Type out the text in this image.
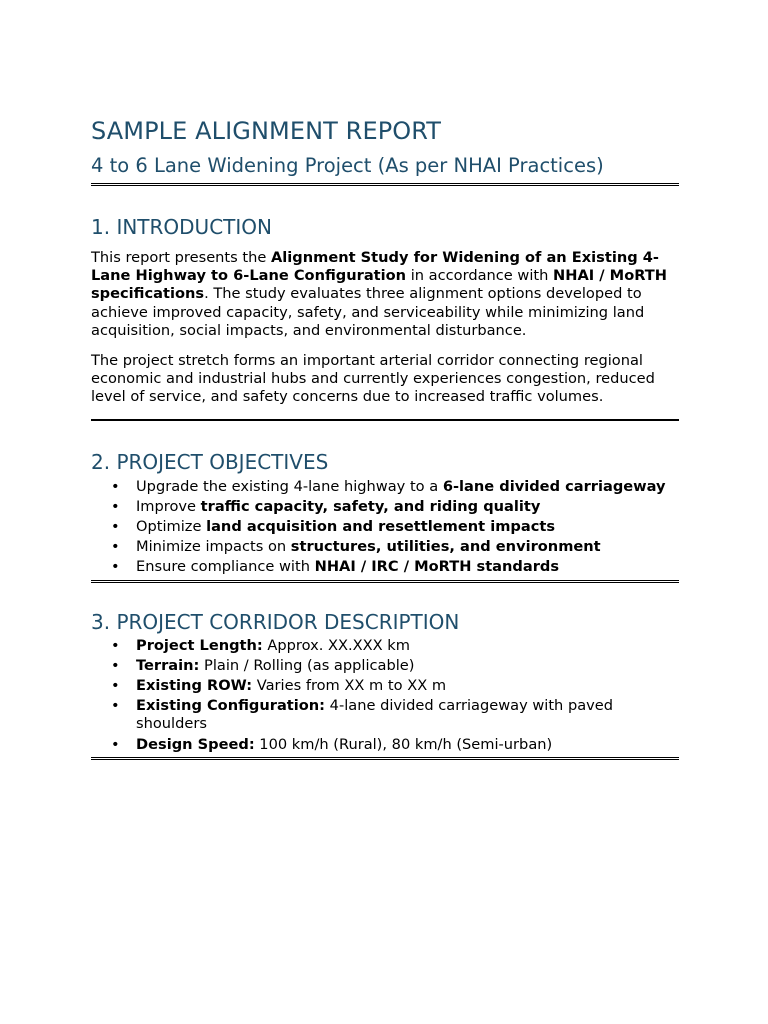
SAMPLE ALIGNMENT REPORT
4 to 6 Lane Widening Project (As per NHAI Practices)
1. INTRODUCTION

This report presents the Alignment Study for Widening of an Existing 4-Lane Highway to 6-Lane Configuration in accordance with NHAI / MoRTH specifications. The study evaluates three alignment options developed to achieve improved capacity, safety, and serviceability while minimizing land acquisition, social impacts, and environmental disturbance.

The project stretch forms an important arterial corridor connecting regional economic and industrial hubs and currently experiences congestion, reduced level of service, and safety concerns due to increased traffic volumes.

2. PROJECT OBJECTIVES
• Upgrade the existing 4-lane highway to a 6-lane divided carriageway
• Improve traffic capacity, safety, and riding quality
• Optimize land acquisition and resettlement impacts
• Minimize impacts on structures, utilities, and environment
• Ensure compliance with NHAI / IRC / MoRTH standards
3. PROJECT CORRIDOR DESCRIPTION
• Project Length: Approx. XX.XXX km
• Terrain: Plain / Rolling (as applicable)
• Existing ROW: Varies from XX m to XX m
• Existing Configuration: 4-lane divided carriageway with paved shoulders
• Design Speed: 100 km/h (Rural), 80 km/h (Semi-urban)
